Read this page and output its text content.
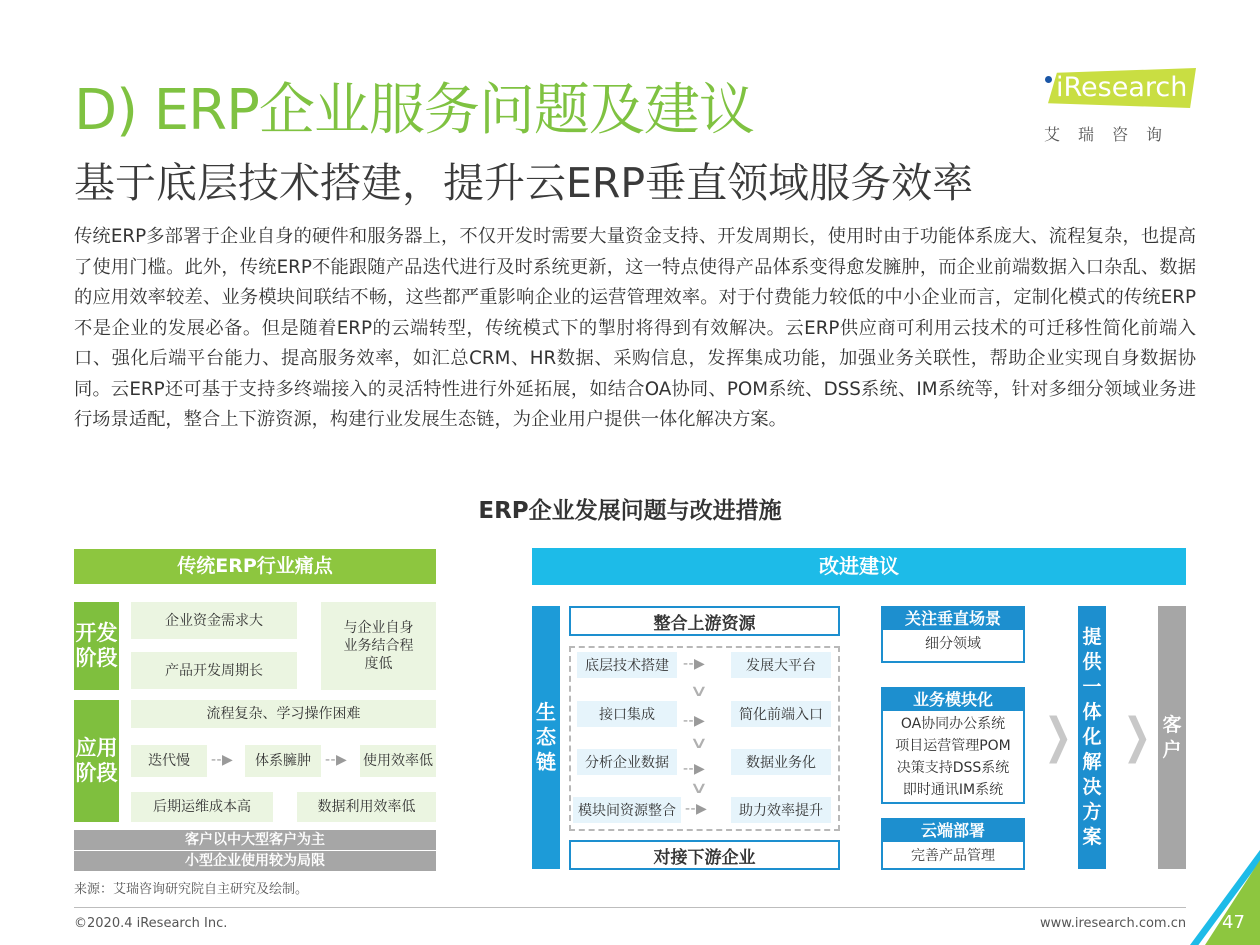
D) ERP企业服务问题及建议
基于底层技术搭建，提升云ERP垂直领域服务效率
iResearch
艾瑞咨询
传统ERP多部署于企业自身的硬件和服务器上，不仅开发时需要大量资金支持、开发周期长，使用时由于功能体系庞大、流程复杂，也提高了使用门槛。此外，传统ERP不能跟随产品迭代进行及时系统更新，这一特点使得产品体系变得愈发臃肿，而企业前端数据入口杂乱、数据的应用效率较差、业务模块间联结不畅，这些都严重影响企业的运营管理效率。对于付费能力较低的中小企业而言，定制化模式的传统ERP不是企业的发展必备。但是随着ERP的云端转型，传统模式下的掣肘将得到有效解决。云ERP供应商可利用云技术的可迁移性简化前端入口、强化后端平台能力、提高服务效率，如汇总CRM、HR数据、采购信息，发挥集成功能，加强业务关联性，帮助企业实现自身数据协同。云ERP还可基于支持多终端接入的灵活特性进行外延拓展，如结合OA协同、POM系统、DSS系统、IM系统等，针对多细分领域业务进行场景适配，整合上下游资源，构建行业发展生态链，为企业用户提供一体化解决方案。
ERP企业发展问题与改进措施
传统ERP行业痛点
开发阶段
企业资金需求大
产品开发周期长
与企业自身业务结合程度低
应用阶段
流程复杂、学习操作困难
迭代慢	- - ▶	体系臃肿	- - ▶ 使用效率低
后期运维成本高	数据利用效率低
客户以中大型客户为主
小型企业使用较为局限
改进建议
生态链
整合上游资源
底层技术搭建	- - ▶	发展大平台
∨
接口集成	- - ▶	简化前端入口
∨
分析企业数据	- - ▶	数据业务化
∨
模块间资源整合 - - ▶	助力效率提升
对接下游企业
关注垂直场景
细分领域
业务模块化
OA协同办公系统
项目运营管理POM
决策支持DSS系统
即时通讯IM系统
云端部署
完善产品管理
❯
提供一体化解决方案
❯ 客户
来源：艾瑞咨询研究院自主研究及绘制。
©2020.4 iResearch Inc.	www.iresearch.com.cn 47
